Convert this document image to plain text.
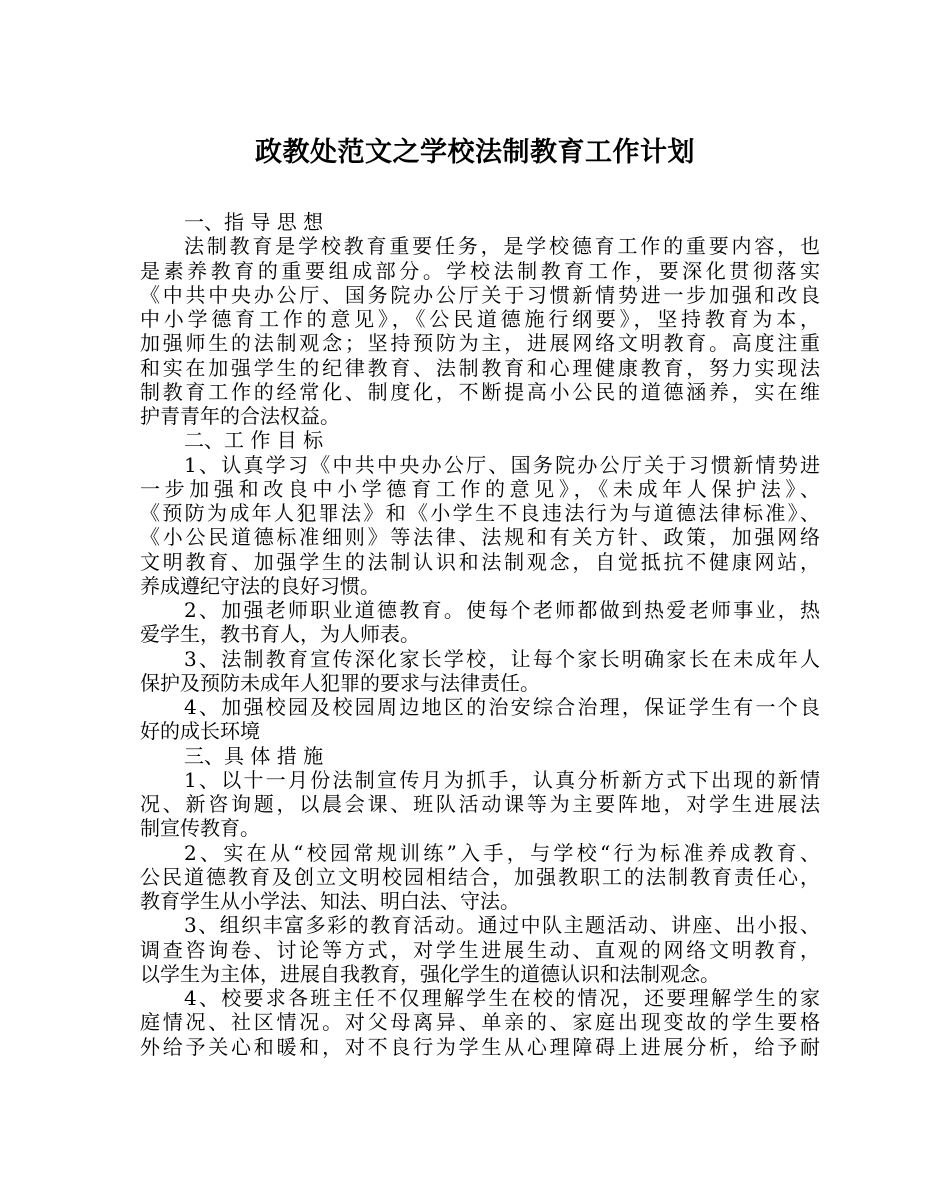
政教处范文之学校法制教育工作计划
一、指 导 思 想
法制教育是学校教育重要任务，是学校德育工作的重要内容，也
是素养教育的重要组成部分。学校法制教育工作，要深化贯彻落实
《中共中央办公厅、国务院办公厅关于习惯新情势进一步加强和改良
中小学德育工作的意见》，《公民道德施行纲要》，坚持教育为本，
加强师生的法制观念；坚持预防为主，进展网络文明教育。高度注重
和实在加强学生的纪律教育、法制教育和心理健康教育，努力实现法
制教育工作的经常化、制度化，不断提高小公民的道德涵养，实在维
护青青年的合法权益。
二、工 作 目 标
1、认真学习《中共中央办公厅、国务院办公厅关于习惯新情势进
一步加强和改良中小学德育工作的意见》，《未成年人保护法》、
《预防为成年人犯罪法》和《小学生不良违法行为与道德法律标准》、
《小公民道德标准细则》等法律、法规和有关方针、政策，加强网络
文明教育、加强学生的法制认识和法制观念，自觉抵抗不健康网站，
养成遵纪守法的良好习惯。
2、加强老师职业道德教育。使每个老师都做到热爱老师事业，热
爱学生，教书育人，为人师表。
3、法制教育宣传深化家长学校，让每个家长明确家长在未成年人
保护及预防未成年人犯罪的要求与法律责任。
4、加强校园及校园周边地区的治安综合治理，保证学生有一个良
好的成长环境
三、具 体 措 施
1、以十一月份法制宣传月为抓手，认真分析新方式下出现的新情
况、新咨询题，以晨会课、班队活动课等为主要阵地，对学生进展法
制宣传教育。
2、实在从“校园常规训练”入手，与学校“行为标准养成教育、
公民道德教育及创立文明校园相结合，加强教职工的法制教育责任心，
教育学生从小学法、知法、明白法、守法。
3、组织丰富多彩的教育活动。通过中队主题活动、讲座、出小报、
调查咨询卷、讨论等方式，对学生进展生动、直观的网络文明教育，
以学生为主体，进展自我教育，强化学生的道德认识和法制观念。
4、校要求各班主任不仅理解学生在校的情况，还要理解学生的家
庭情况、社区情况。对父母离异、单亲的、家庭出现变故的学生要格
外给予关心和暖和，对不良行为学生从心理障碍上进展分析，给予耐
